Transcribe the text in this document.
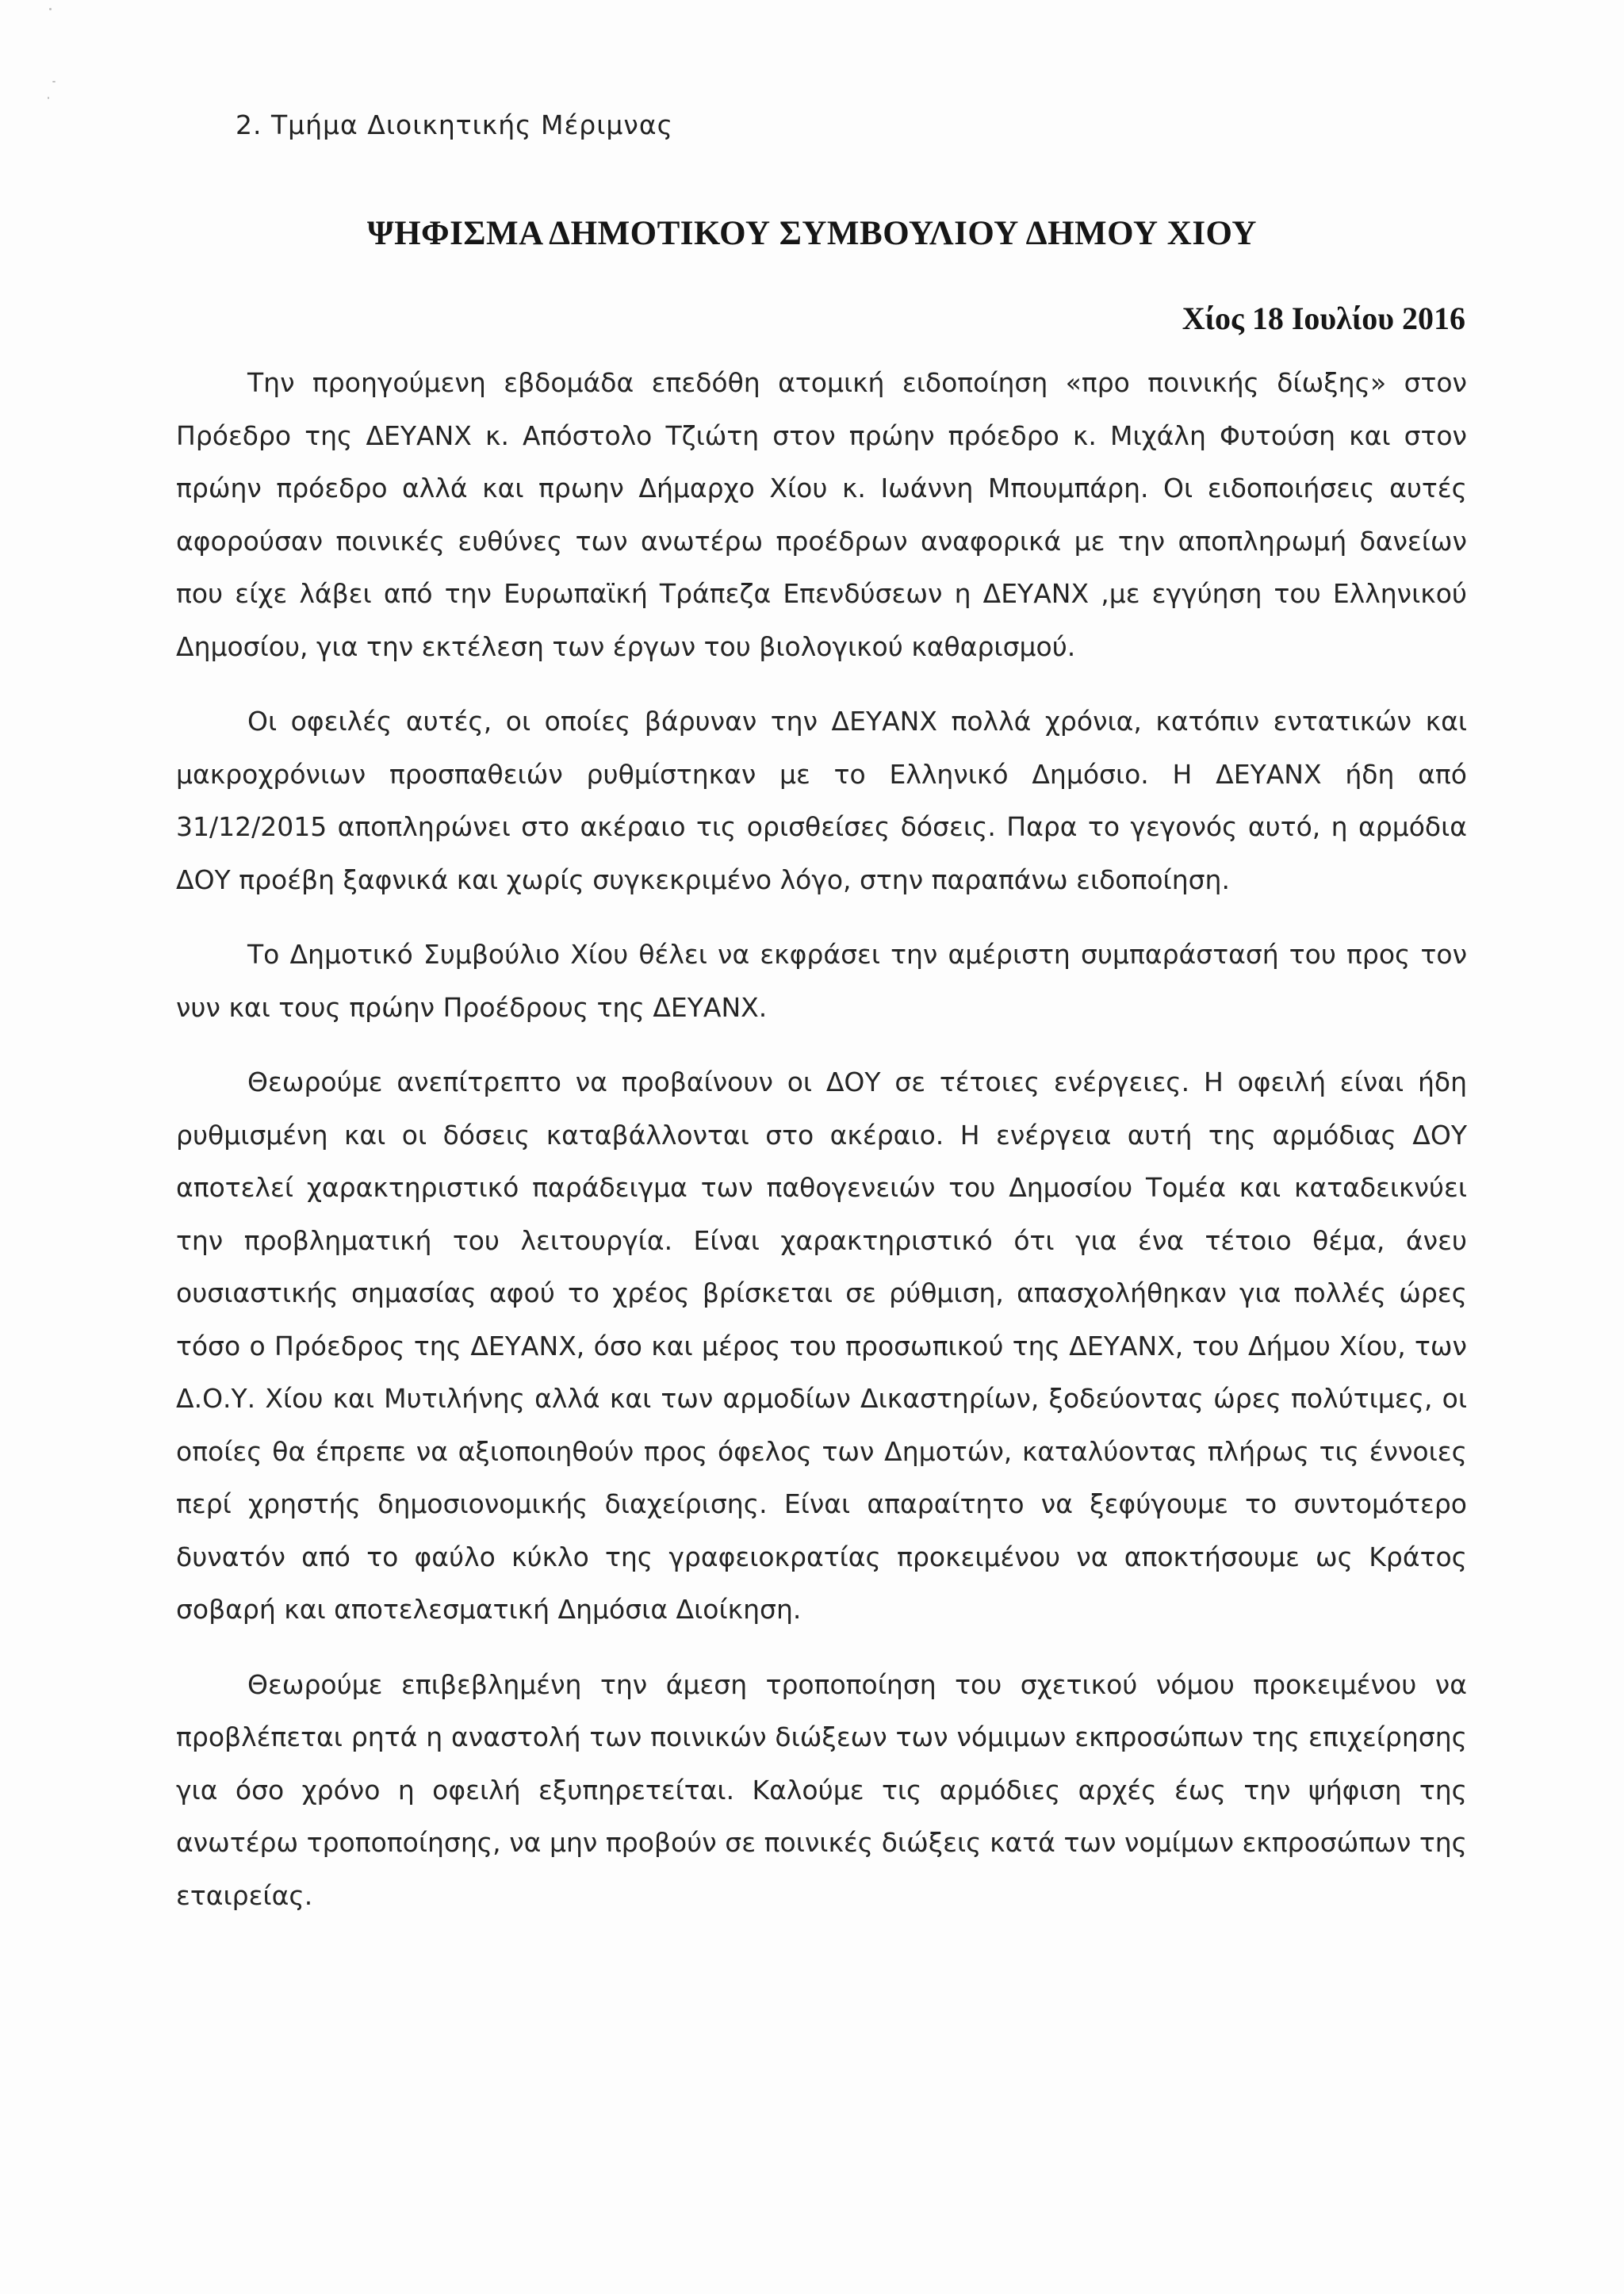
2. Τμήμα Διοικητικής Μέριμνας
ΨΗΦΙΣΜΑ ΔΗΜΟΤΙΚΟΥ ΣΥΜΒΟΥΛΙΟΥ ΔΗΜΟΥ ΧΙΟΥ
Χίος 18 Ιουλίου 2016

Την προηγούμενη εβδομάδα επεδόθη ατομική ειδοποίηση «προ ποινικής δίωξης» στον Πρόεδρο της ΔΕΥΑΝΧ κ. Απόστολο Τζιώτη στον πρώην πρόεδρο κ. Μιχάλη Φυτούση και στον πρώην πρόεδρο αλλά και πρωην Δήμαρχο Χίου κ. Ιωάννη Μπουμπάρη. Οι ειδοποιήσεις αυτές αφορούσαν ποινικές ευθύνες των ανωτέρω προέδρων αναφορικά με την αποπληρωμή δανείων που είχε λάβει από την Ευρωπαϊκή Τράπεζα Επενδύσεων η ΔΕΥΑΝΧ ,με εγγύηση του Ελληνικού Δημοσίου, για την εκτέλεση των έργων του βιολογικού καθαρισμού.

Οι οφειλές αυτές, οι οποίες βάρυναν την ΔΕΥΑΝΧ πολλά χρόνια, κατόπιν εντατικών και μακροχρόνιων προσπαθειών ρυθμίστηκαν με το Ελληνικό Δημόσιο. Η ΔΕΥΑΝΧ ήδη από 31/12/2015 αποπληρώνει στο ακέραιο τις ορισθείσες δόσεις. Παρα το γεγονός αυτό, η αρμόδια ΔΟΥ προέβη ξαφνικά και χωρίς συγκεκριμένο λόγο, στην παραπάνω ειδοποίηση.

Το Δημοτικό Συμβούλιο Χίου θέλει να εκφράσει την αμέριστη συμπαράστασή του προς τον νυν και τους πρώην Προέδρους της ΔΕΥΑΝΧ.

Θεωρούμε ανεπίτρεπτο να προβαίνουν οι ΔΟΥ σε τέτοιες ενέργειες. Η οφειλή είναι ήδη ρυθμισμένη και οι δόσεις καταβάλλονται στο ακέραιο. Η ενέργεια αυτή της αρμόδιας ΔΟΥ αποτελεί χαρακτηριστικό παράδειγμα των παθογενειών του Δημοσίου Τομέα και καταδεικνύει την προβληματική του λειτουργία. Είναι χαρακτηριστικό ότι για ένα τέτοιο θέμα, άνευ ουσιαστικής σημασίας αφού το χρέος βρίσκεται σε ρύθμιση, απασχολήθηκαν για πολλές ώρες τόσο ο Πρόεδρος της ΔΕΥΑΝΧ, όσο και μέρος του προσωπικού της ΔΕΥΑΝΧ, του Δήμου Χίου, των Δ.Ο.Υ. Χίου και Μυτιλήνης αλλά και των αρμοδίων Δικαστηρίων, ξοδεύοντας ώρες πολύτιμες, οι οποίες θα έπρεπε να αξιοποιηθούν προς όφελος των Δημοτών, καταλύοντας πλήρως τις έννοιες περί χρηστής δημοσιονομικής διαχείρισης. Είναι απαραίτητο να ξεφύγουμε το συντομότερο δυνατόν από το φαύλο κύκλο της γραφειοκρατίας προκειμένου να αποκτήσουμε ως Κράτος σοβαρή και αποτελεσματική Δημόσια Διοίκηση.

Θεωρούμε επιβεβλημένη την άμεση τροποποίηση του σχετικού νόμου προκειμένου να προβλέπεται ρητά η αναστολή των ποινικών διώξεων των νόμιμων εκπροσώπων της επιχείρησης για όσο χρόνο η οφειλή εξυπηρετείται. Καλούμε τις αρμόδιες αρχές έως την ψήφιση της ανωτέρω τροποποίησης, να μην προβούν σε ποινικές διώξεις κατά των νομίμων εκπροσώπων της εταιρείας.
